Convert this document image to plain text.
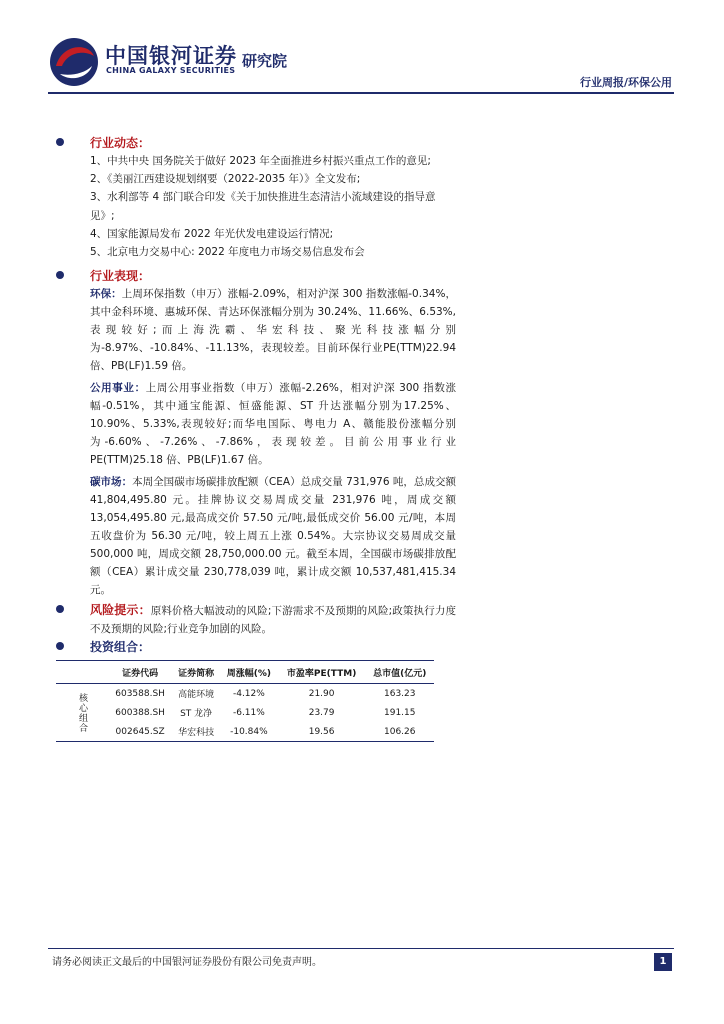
中国银河证券
CHINA GALAXY SECURITIES
研究院
行业周报/环保公用
行业动态：
1、中共中央 国务院关于做好 2023 年全面推进乡村振兴重点工作的意见;
2、《美丽江西建设规划纲要（2022-2035 年）》全文发布;
3、水利部等 4 部门联合印发《关于加快推进生态清洁小流域建设的指导意见》;
4、国家能源局发布 2022 年光伏发电建设运行情况;
5、北京电力交易中心: 2022 年度电力市场交易信息发布会
行业表现：

环保：上周环保指数（申万）涨幅-2.09%，相对沪深 300 指数涨幅-0.34%，其中金科环境、惠城环保、青达环保涨幅分别为 30.24%、11.66%、6.53%,表现较好;而上海洗霸、华宏科技、聚光科技涨幅分别为-8.97%、-10.84%、-11.13%，表现较差。目前环保行业PE(TTM)22.94 倍、PB(LF)1.59 倍。

公用事业：上周公用事业指数（申万）涨幅-2.26%，相对沪深 300 指数涨幅-0.51%，其中通宝能源、恒盛能源、ST 升达涨幅分别为17.25%、10.90%、5.33%,表现较好;而华电国际、粤电力 A、赣能股份涨幅分别为-6.60%、-7.26%、-7.86%，表现较差。目前公用事业行业 PE(TTM)25.18 倍、PB(LF)1.67 倍。

碳市场：本周全国碳市场碳排放配额（CEA）总成交量 731,976 吨，总成交额 41,804,495.80 元。挂牌协议交易周成交量 231,976 吨，周成交额 13,054,495.80 元,最高成交价 57.50 元/吨,最低成交价 56.00 元/吨，本周五收盘价为 56.30 元/吨，较上周五上涨 0.54%。大宗协议交易周成交量 500,000 吨，周成交额 28,750,000.00 元。截至本周，全国碳市场碳排放配额（CEA）累计成交量 230,778,039 吨，累计成交额 10,537,481,415.34 元。

风险提示：原料价格大幅波动的风险;下游需求不及预期的风险;政策执行力度不及预期的风险;行业竞争加剧的风险。
投资组合：
	证券代码	证券简称	周涨幅(%)	市盈率PE(TTM)	总市值(亿元)
核心组合	603588.SH	高能环境	-4.12%	21.90	163.23
	600388.SH	ST 龙净	-6.11%	23.79	191.15
	002645.SZ	华宏科技	-10.84%	19.56	106.26
请务必阅读正文最后的中国银河证券股份有限公司免责声明。	1
